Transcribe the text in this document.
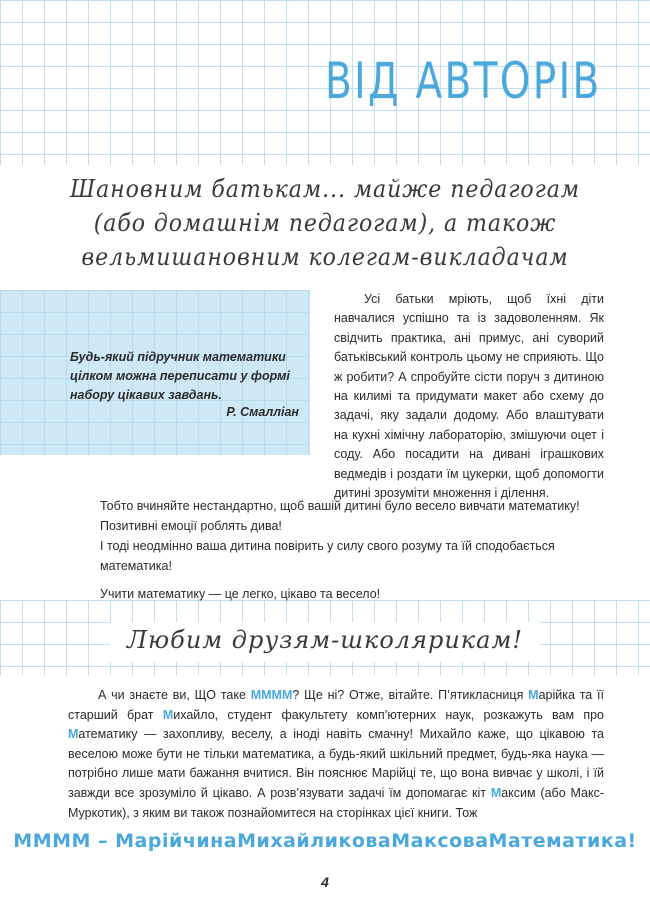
ВІД АВТОРІВ
Шановним батькам... майже педагогам
(або домашнім педагогам), а також
вельмишановним колегам-викладачам
Будь-який підручник математики цілком можна переписати у формі набору цікавих завдань.
Р. Смалліан

Усі батьки мріють, щоб їхні діти навчалися успішно та із задоволенням. Як свідчить практика, ані примус, ані суворий батьківський контроль цьому не сприяють. Що ж робити? А спробуйте сісти поруч з дитиною на килимі та придумати макет або схему до задачі, яку задали додому. Або влаштувати на кухні хімічну лабораторію, змішуючи оцет і соду. Або посадити на дивані іграшкових ведмедів і роздати їм цукерки, щоб допомогти дитині зрозуміти множення і ділення.

Тобто вчиняйте нестандартно, щоб вашій дитині було весело вивчати математику!

Позитивні емоції роблять дива!

І тоді неодмінно ваша дитина повірить у силу свого розуму та їй сподобається математика!

Учити математику — це легко, цікаво та весело!

Любим друзям-школярикам!

А чи знаєте ви, ЩО таке ММММ? Ще ні? Отже, вітайте. П’ятикласниця Марійка та її старший брат Михайло, студент факультету комп’ютерних наук, розкажуть вам про Математику — захопливу, веселу, а іноді навіть смачну! Михайло каже, що цікавою та веселою може бути не тільки математика, а будь-який шкільний предмет, будь-яка наука — потрібно лише мати бажання вчитися. Він пояснює Марійці те, що вона вивчає у школі, і їй завжди все зрозуміло й цікаво. А розв’язувати задачі їм допомагає кіт Максим (або Макс-Муркотик), з яким ви також познайомитеся на сторінках цієї книги. Тож

ММММ – МарійчинаМихайликоваМаксоваМатематика!
4
